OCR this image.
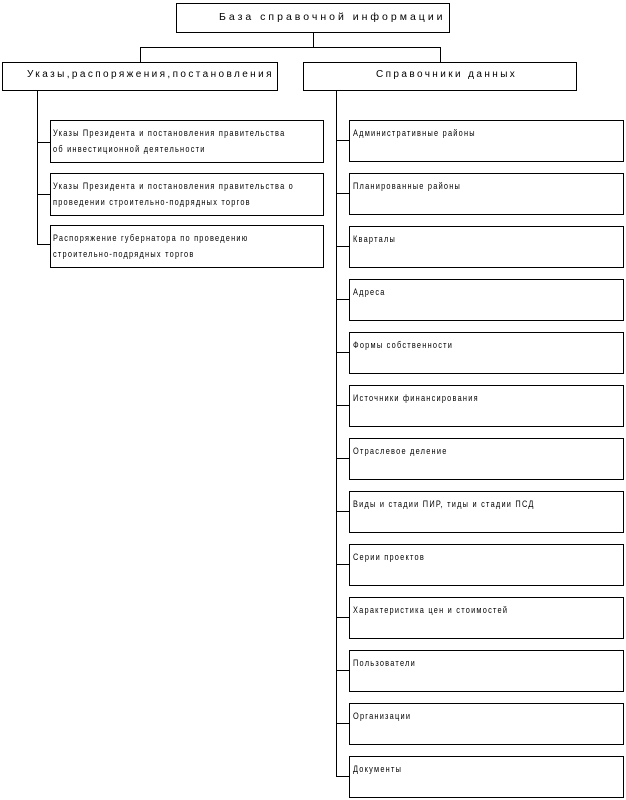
База справочной информации
Указы,распоряжения,постановления	Справочники данных
Указы Президента и постановления правительства
об инвестиционной деятельности
Указы Президента и постановления правительства о
проведении строительно-подрядных торгов
Распоряжение губернатора по проведению
строительно-подрядных торгов
Административные районы
Планированные районы
Кварталы
Адреса
Формы собственности
Источники финансирования
Отраслевое деление
Виды и стадии ПИР, тиды и стадии ПСД
Серии проектов
Характеристика цен и стоимостей
Пользователи
Организации
Документы
